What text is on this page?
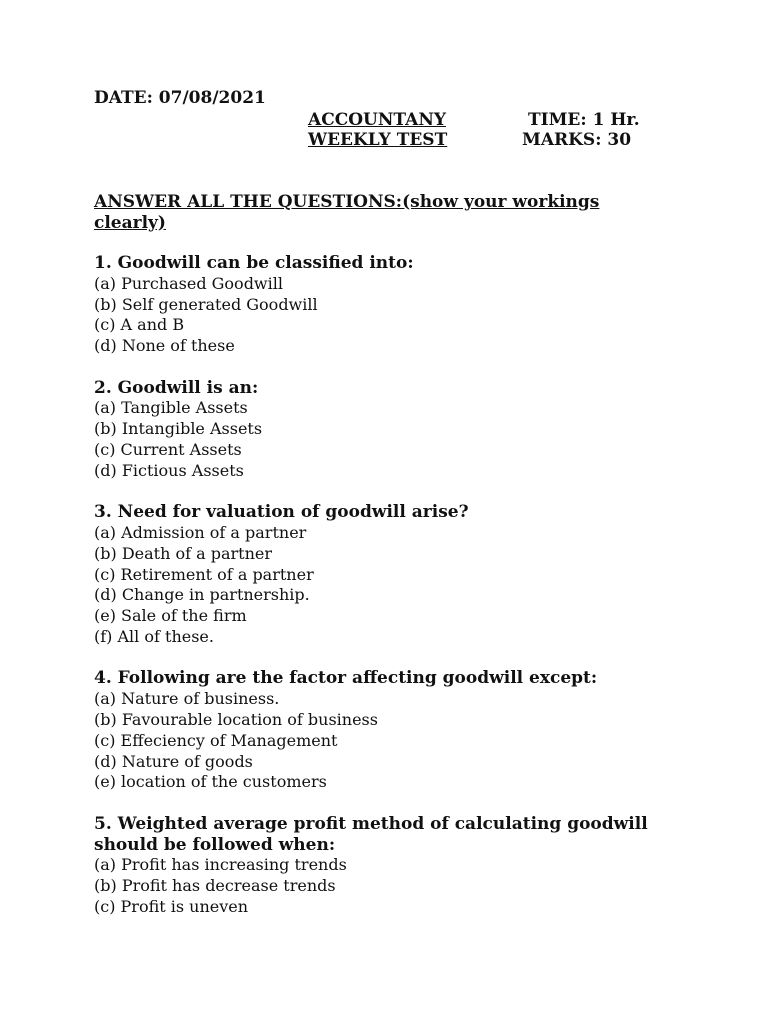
DATE: 07/08/2021
ACCOUNTANY
WEEKLY TEST
TIME: 1 Hr.
MARKS: 30
ANSWER ALL THE QUESTIONS:(show your workings clearly)
1. Goodwill can be classified into:
(a) Purchased Goodwill
(b) Self generated Goodwill
(c) A and B
(d) None of these
2. Goodwill is an:
(a) Tangible Assets
(b) Intangible Assets
(c) Current Assets
(d) Fictious Assets
3. Need for valuation of goodwill arise?
(a) Admission of a partner
(b) Death of a partner
(c) Retirement of a partner
(d) Change in partnership.
(e) Sale of the firm
(f) All of these.
4. Following are the factor affecting goodwill except:
(a) Nature of business.
(b) Favourable location of business
(c) Effeciency of Management
(d) Nature of goods
(e) location of the customers
5. Weighted average profit method of calculating goodwill should be followed when:
(a) Profit has increasing trends
(b) Profit has decrease trends
(c) Profit is uneven
